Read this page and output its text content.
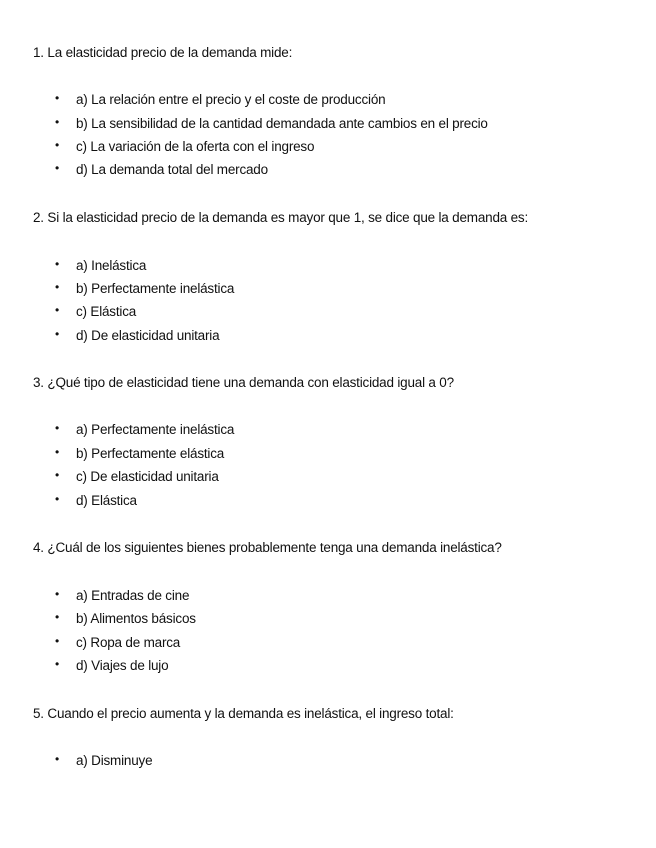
1. La elasticidad precio de la demanda mide:
• a) La relación entre el precio y el coste de producción
• b) La sensibilidad de la cantidad demandada ante cambios en el precio
• c) La variación de la oferta con el ingreso
• d) La demanda total del mercado
2. Si la elasticidad precio de la demanda es mayor que 1, se dice que la demanda es:
• a) Inelástica
• b) Perfectamente inelástica
• c) Elástica
• d) De elasticidad unitaria
3. ¿Qué tipo de elasticidad tiene una demanda con elasticidad igual a 0?
• a) Perfectamente inelástica
• b) Perfectamente elástica
• c) De elasticidad unitaria
• d) Elástica
4. ¿Cuál de los siguientes bienes probablemente tenga una demanda inelástica?
• a) Entradas de cine
• b) Alimentos básicos
• c) Ropa de marca
• d) Viajes de lujo
5. Cuando el precio aumenta y la demanda es inelástica, el ingreso total:
• a) Disminuye
